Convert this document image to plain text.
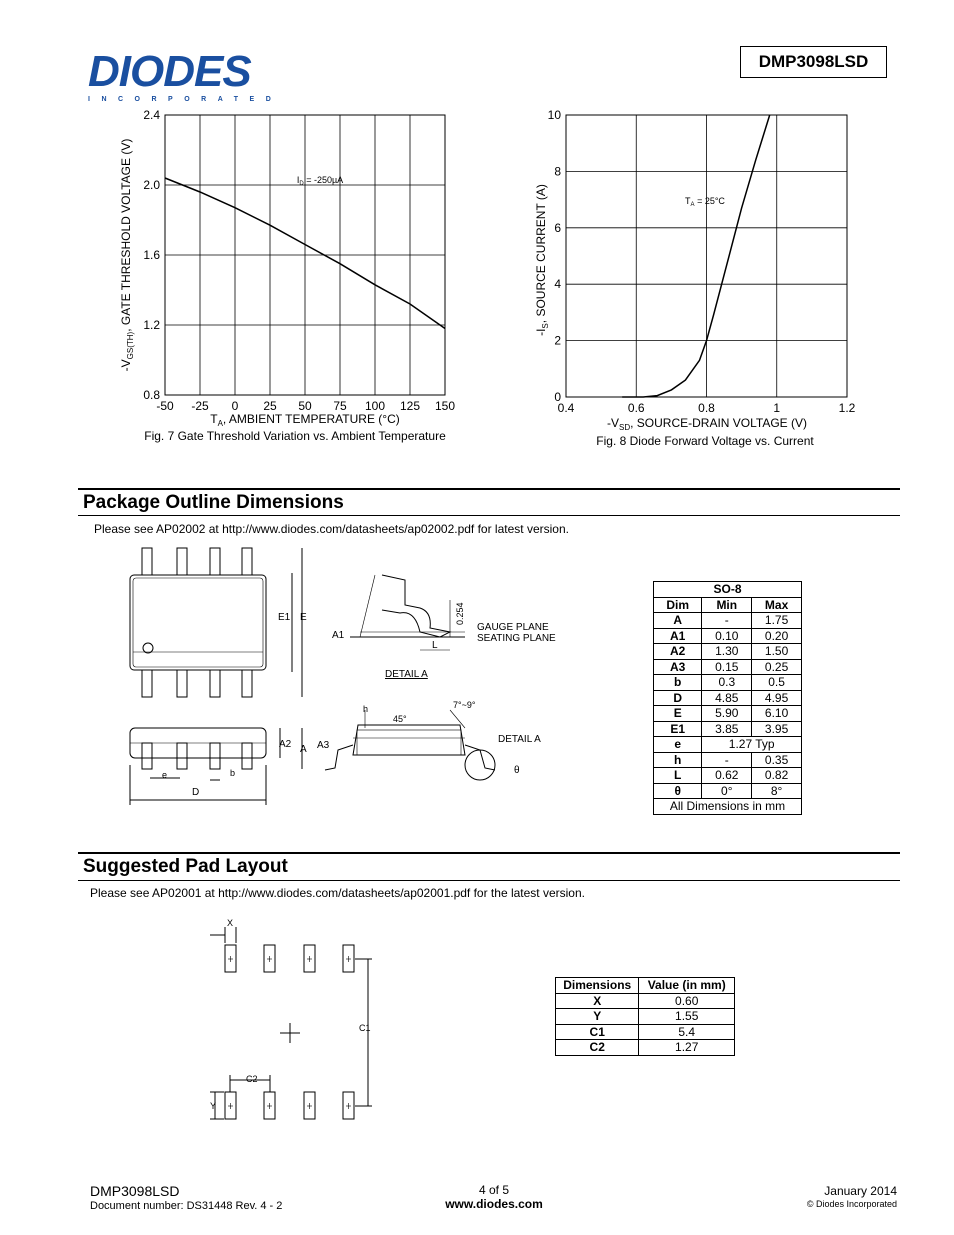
DIODES
INCORPORATED
DMP3098LSD
-50 -25 0 25 50 75 100 125 150
0.8
1.2
1.6
2.0
2.4
$I_D = -250\mu A$
$T_A$, AMBIENT TEMPERATURE (°C)
$-V_{GS(TH)}$, GATE THRESHOLD VOLTAGE (V)
Fig. 7 Gate Threshold Variation vs. Ambient Temperature
0.4	0.6	0.8	1	1.2
0
2
4
6
8
10
$T_A = 25^\circ C$
$-V_{SD}$, SOURCE-DRAIN VOLTAGE (V)
$-I_S$, SOURCE CURRENT (A)
Fig. 8 Diode Forward Voltage vs. Current
Package Outline Dimensions
Please see AP02002 at http://www.diodes.com/datasheets/ap02002.pdf for latest version.
E1 E
A1
L
GAUGE PLANE
SEATING PLANE
0.254
DETAIL A
h
45°
7°~9°
DETAIL A
A2 A A3
θ
e	b
D
SO-8		
Dim	Min	Max
A	-	1.75
A1	0.10	0.20
A2	1.30	1.50
A3	0.15	0.25
b	0.3	0.5
D	4.85	4.95
E	5.90	6.10
E1	3.85	3.95
e	1.27 Typ	
h	-	0.35
L	0.62	0.82
θ	0°	8°
All Dimensions in mm		
Suggested Pad Layout
Please see AP02001 at http://www.diodes.com/datasheets/ap02001.pdf for the latest version.
X
C1
C2
Y
Dimensions	Value (in mm)
X	0.60
Y	1.55
C1	5.4
C2	1.27
DMP3098LSD
Document number: DS31448 Rev. 4 - 2
4 of 5
www.diodes.com
January 2014
© Diodes Incorporated
